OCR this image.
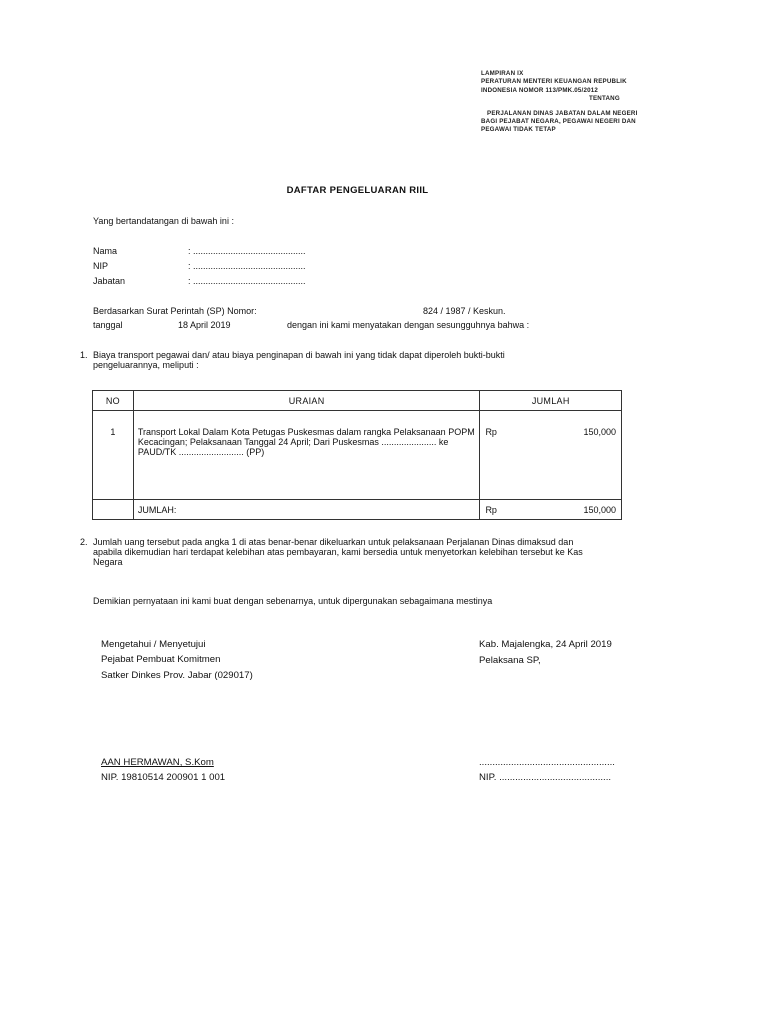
LAMPIRAN IX
PERATURAN MENTERI KEUANGAN REPUBLIK
INDONESIA NOMOR 113/PMK.05/2012
TENTANG
PERJALANAN DINAS JABATAN DALAM NEGERI
BAGI PEJABAT NEGARA, PEGAWAI NEGERI DAN
PEGAWAI TIDAK TETAP
DAFTAR PENGELUARAN RIIL
Yang bertandatangan di bawah ini :
Nama	: .............................................
NIP	: .............................................
Jabatan	: .............................................
Berdasarkan Surat Perintah (SP) Nomor:	824 / 1987 / Keskun.
tanggal	18 April 2019	dengan ini kami menyatakan dengan sesungguhnya bahwa :
1. Biaya transport pegawai dan/ atau biaya penginapan di bawah ini yang tidak dapat diperoleh bukti-bukti
pengeluarannya, meliputi :
NO	URAIAN	JUMLAH

1	Transport Lokal Dalam Kota Petugas Puskesmas dalam rangka Pelaksanaan POPM Kecacingan; Pelaksanaan Tanggal 24 April; Dari Puskesmas ...................... ke PAUD/TK .......................... (PP)	Rp 150,000

	JUMLAH:	Rp 150,000
2. Jumlah uang tersebut pada angka 1 di atas benar-benar dikeluarkan untuk pelaksanaan Perjalanan Dinas dimaksud dan
apabila dikemudian hari terdapat kelebihan atas pembayaran, kami bersedia untuk menyetorkan kelebihan tersebut ke Kas
Negara
Demikian pernyataan ini kami buat dengan sebenarnya, untuk dipergunakan sebagaimana mestinya
Mengetahui / Menyetujui
Pejabat Pembuat Komitmen
Satker Dinkes Prov. Jabar (029017)
AAN HERMAWAN, S.Kom
NIP. 19810514 200901 1 001
Kab. Majalengka, 24 April 2019
Pelaksana SP,
...................................................
NIP. ..........................................
